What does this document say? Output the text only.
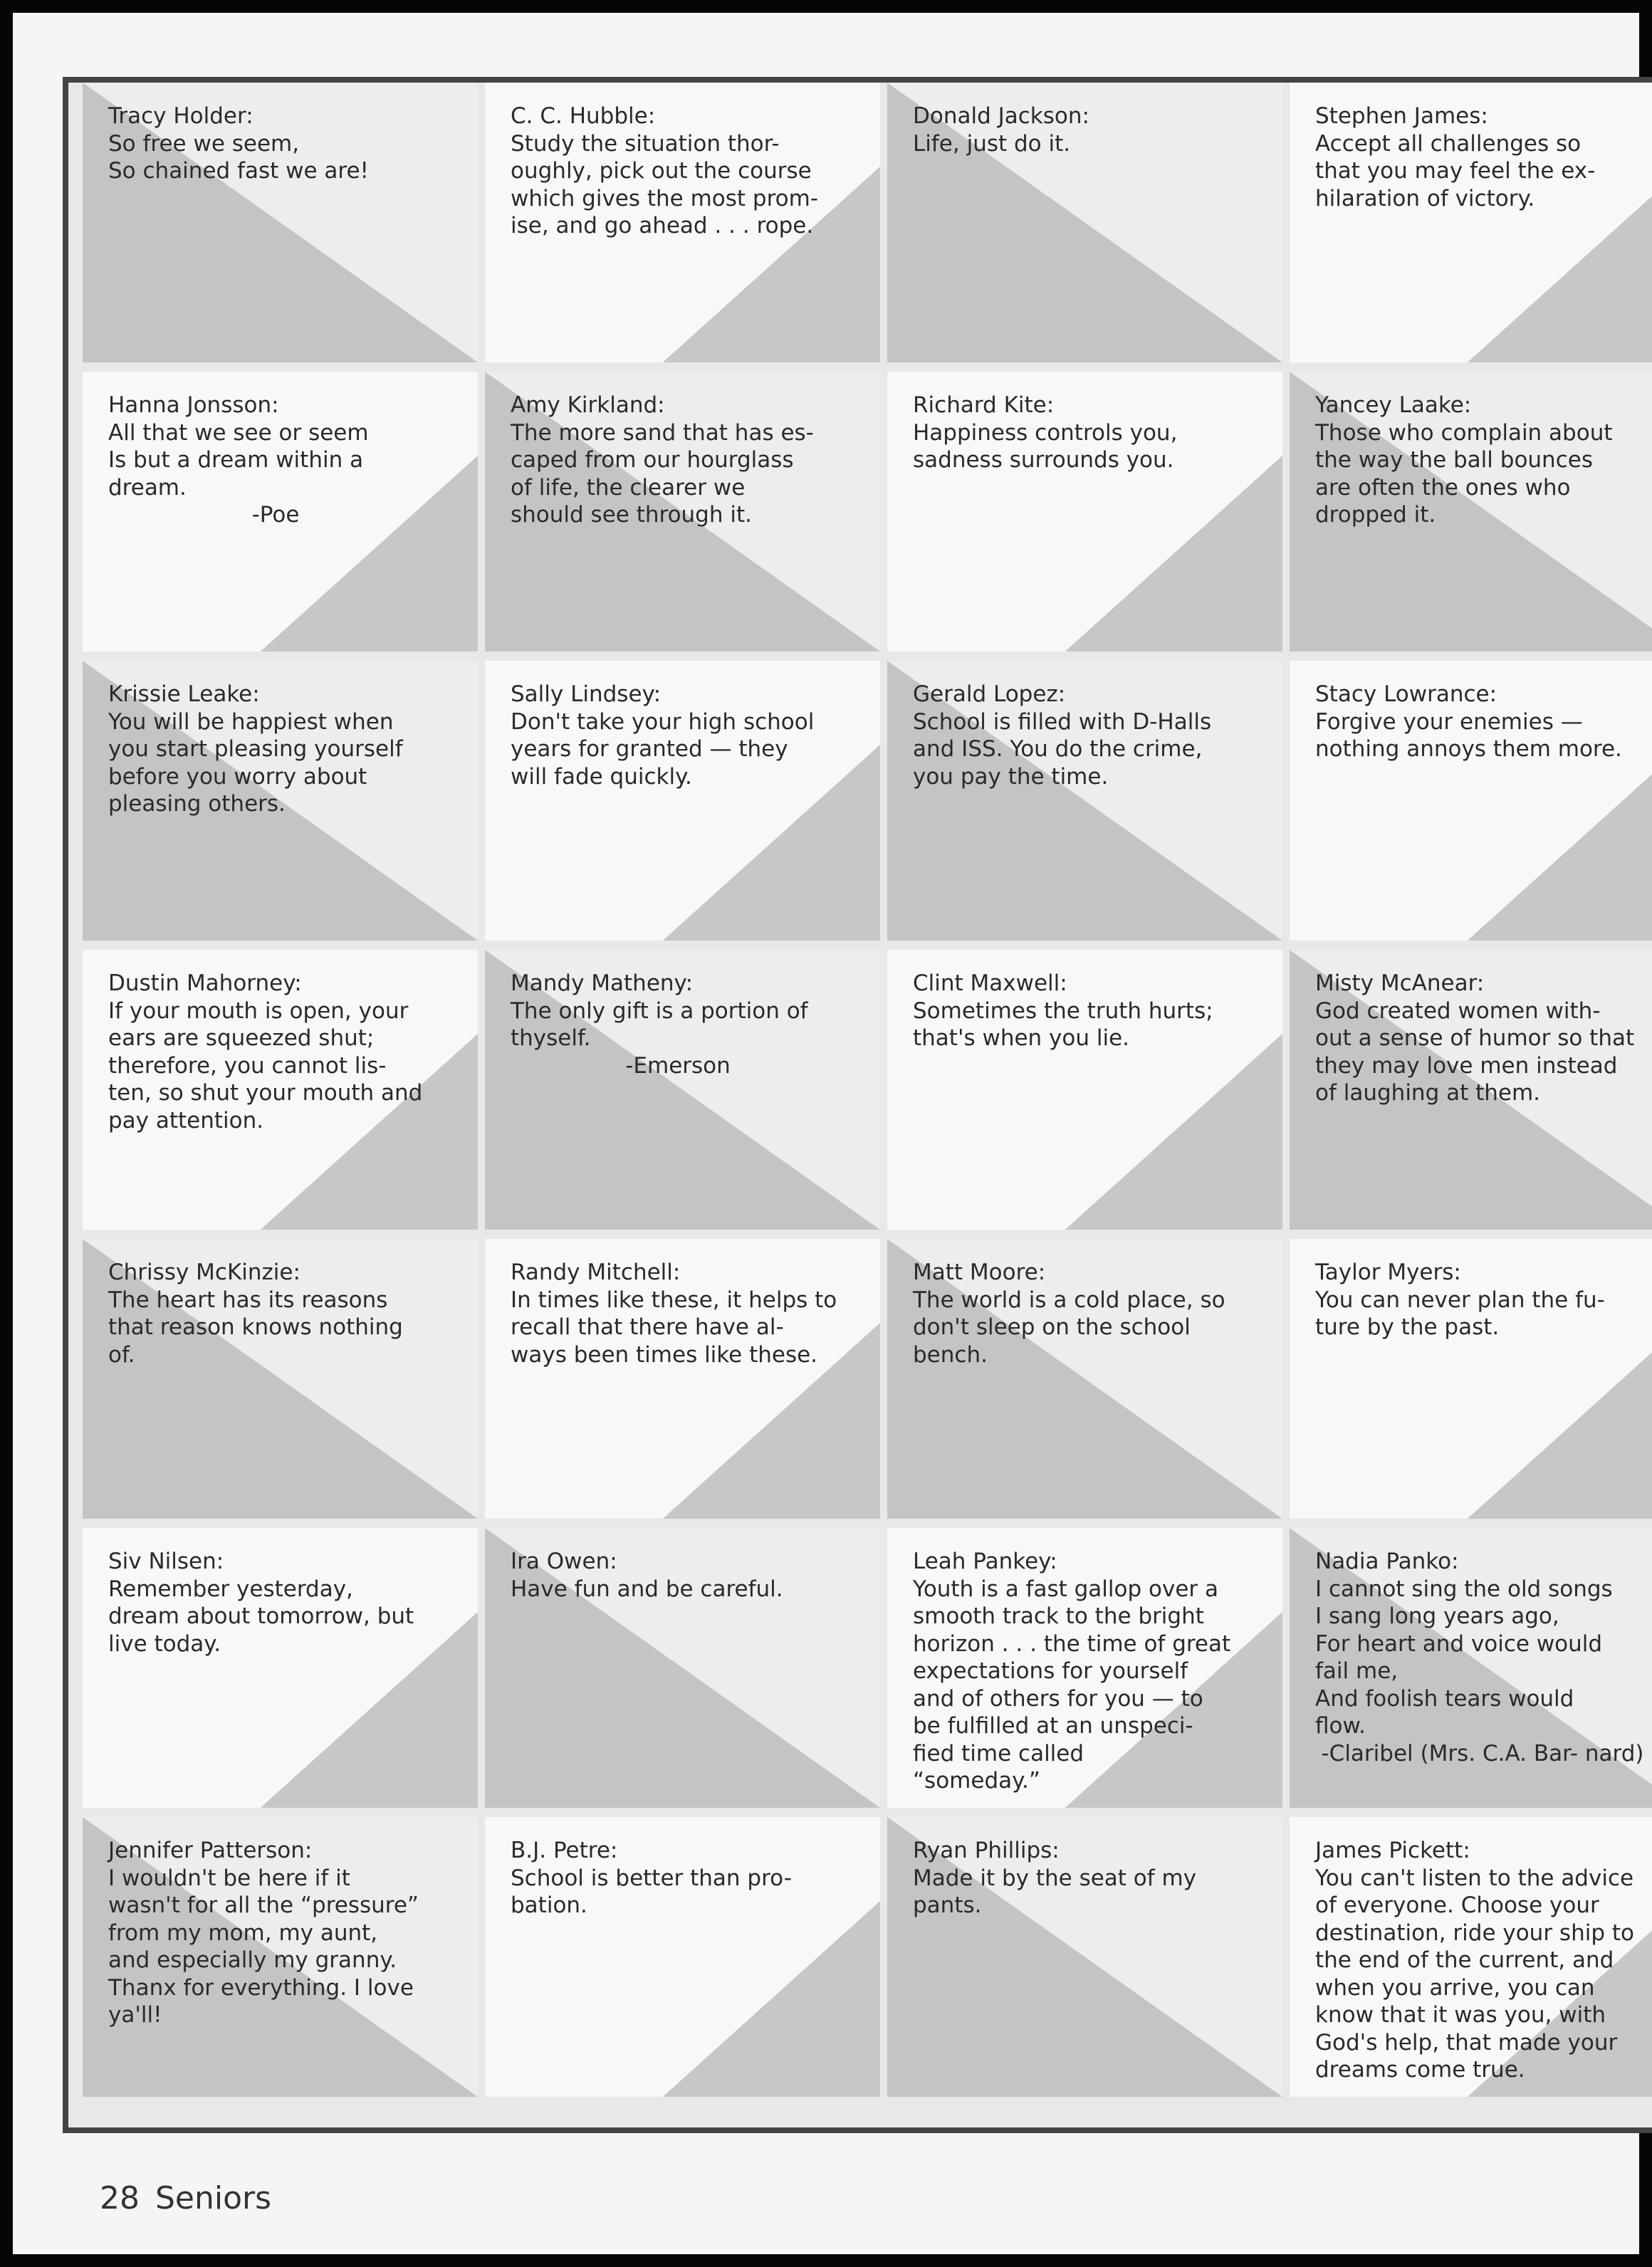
Tracy Holder:
So free we seem,
So chained fast we are!
C. C. Hubble:
Study the situation thor-
oughly, pick out the course
which gives the most prom-
ise, and go ahead . . . rope.
Donald Jackson:
Life, just do it.
Stephen James:
Accept all challenges so
that you may feel the ex-
hilaration of victory.
Hanna Jonsson:
All that we see or seem
Is but a dream within a
dream.
-Poe
Amy Kirkland:
The more sand that has es-
caped from our hourglass
of life, the clearer we
should see through it.
Richard Kite:
Happiness controls you,
sadness surrounds you.
Yancey Laake:
Those who complain about
the way the ball bounces
are often the ones who
dropped it.
Krissie Leake:
You will be happiest when
you start pleasing yourself
before you worry about
pleasing others.
Sally Lindsey:
Don't take your high school
years for granted — they
will fade quickly.
Gerald Lopez:
School is filled with D-Halls
and ISS. You do the crime,
you pay the time.
Stacy Lowrance:
Forgive your enemies —
nothing annoys them more.
Dustin Mahorney:
If your mouth is open, your
ears are squeezed shut;
therefore, you cannot lis-
ten, so shut your mouth and
pay attention.
Mandy Matheny:
The only gift is a portion of
thyself.
-Emerson
Clint Maxwell:
Sometimes the truth hurts;
that's when you lie.
Misty McAnear:
God created women with-
out a sense of humor so that
they may love men instead
of laughing at them.
Chrissy McKinzie:
The heart has its reasons
that reason knows nothing
of.
Randy Mitchell:
In times like these, it helps to
recall that there have al-
ways been times like these.
Matt Moore:
The world is a cold place, so
don't sleep on the school
bench.
Taylor Myers:
You can never plan the fu-
ture by the past.
Siv Nilsen:
Remember yesterday,
dream about tomorrow, but
live today.
Ira Owen:
Have fun and be careful.
Leah Pankey:
Youth is a fast gallop over a
smooth track to the bright
horizon . . . the time of great
expectations for yourself
and of others for you — to
be fulfilled at an unspeci-
fied time called
“someday.”
Nadia Panko:
I cannot sing the old songs
I sang long years ago,
For heart and voice would
fail me,
And foolish tears would
flow.
-Claribel (Mrs. C.A. Bar- nard)
Jennifer Patterson:
I wouldn't be here if it
wasn't for all the “pressure”
from my mom, my aunt,
and especially my granny.
Thanx for everything. I love
ya'll!
B.J. Petre:
School is better than pro-
bation.
Ryan Phillips:
Made it by the seat of my
pants.
James Pickett:
You can't listen to the advice
of everyone. Choose your
destination, ride your ship to
the end of the current, and
when you arrive, you can
know that it was you, with
God's help, that made your
dreams come true.
28 Seniors
